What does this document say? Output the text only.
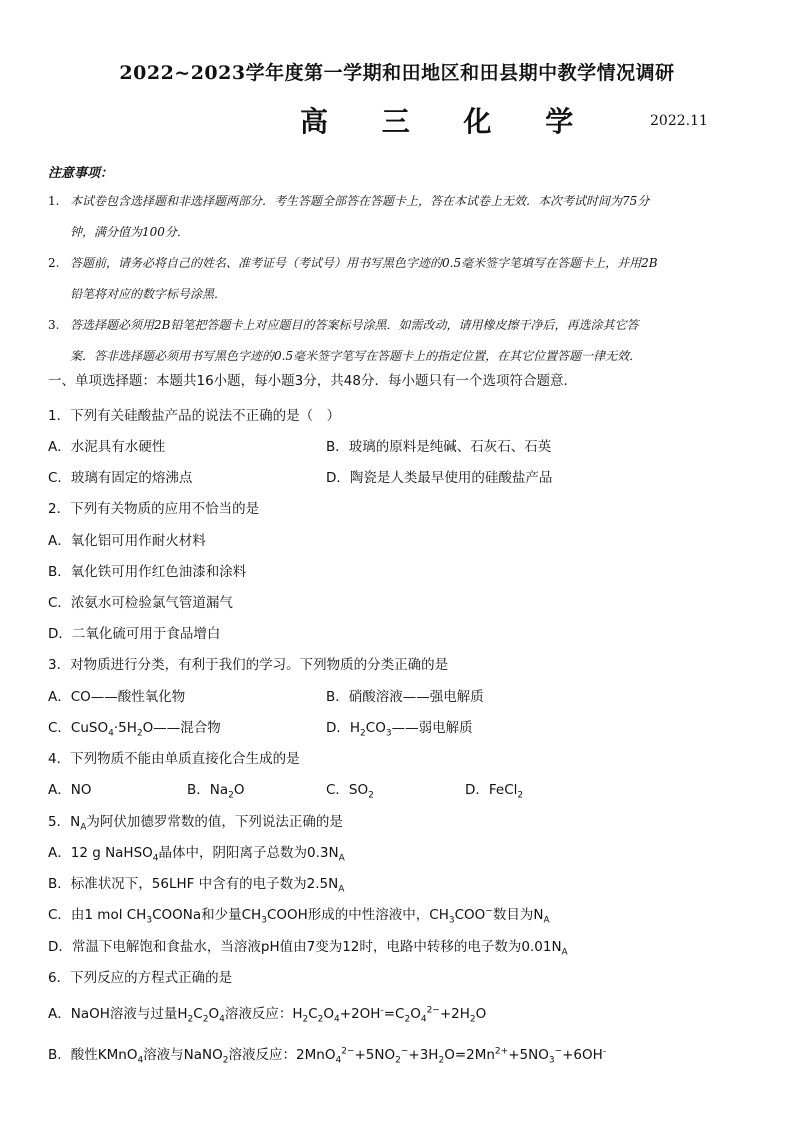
2022~2023学年度第一学期和田地区和田县期中教学情况调研
高 三 化 学	2022.11
注意事项：
1. 本试卷包含选择题和非选择题两部分．考生答题全部答在答题卡上，答在本试卷上无效．本次考试时间为75分
钟，满分值为100分．
2. 答题前，请务必将自己的姓名、准考证号（考试号）用书写黑色字迹的0.5毫米签字笔填写在答题卡上，并用2B
铅笔将对应的数字标号涂黑．
3. 答选择题必须用2B铅笔把答题卡上对应题目的答案标号涂黑．如需改动，请用橡皮擦干净后，再选涂其它答
案．答非选择题必须用书写黑色字迹的0.5毫米签字笔写在答题卡上的指定位置，在其它位置答题一律无效．
一、单项选择题：本题共16小题，每小题3分，共48分．每小题只有一个选项符合题意．
1．下列有关硅酸盐产品的说法不正确的是（　）
A．水泥具有水硬性	B．玻璃的原料是纯碱、石灰石、石英
C．玻璃有固定的熔沸点	D．陶瓷是人类最早使用的硅酸盐产品
2．下列有关物质的应用不恰当的是
A．氧化铝可用作耐火材料
B．氧化铁可用作红色油漆和涂料
C．浓氨水可检验氯气管道漏气
D．二氧化硫可用于食品增白
3．对物质进行分类，有利于我们的学习。下列物质的分类正确的是
A．CO——酸性氧化物	B．硝酸溶液——强电解质
C．$CuSO_4\cdot 5H_2O——$混合物	D．$H_2CO_3——$弱电解质
4．下列物质不能由单质直接化合生成的是
A．NO	B．$Na_2O$	C．$SO_2$	D．FeCl$_2$
5．$N_A$为阿伏加德罗常数的值，下列说法正确的是
A．12 g NaHSO$_4$晶体中，阴阳离子总数为$0.3N_A$
B．标准状况下，56LHF 中含有的电子数为$2.5N_A$
C．由1 mol $CH_3COONa$和少量$CH_3COOH$形成的中性溶液中，$CH_3COO^-$数目为$N_A$
D．常温下电解饱和食盐水，当溶液pH值由7变为12时，电路中转移的电子数为$0.01N_A$
6．下列反应的方程式正确的是
A．NaOH溶液与过量$H_2C_2O_4$溶液反应：$H_2C_2O_4+2OH^-=C_2O_4^{2-}+2H_2O$
B．酸性KMnO$_4$溶液与NaNO$_2$溶液反应：$2MnO_4^{2-}+5NO_2^-+3H_2O=2Mn^{2+}+5NO_3^-+6OH^-$
